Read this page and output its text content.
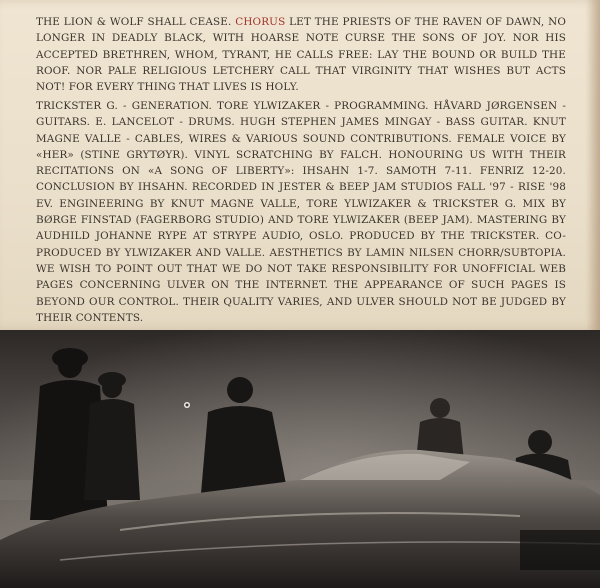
THE LION & WOLF SHALL CEASE. CHORUS LET THE PRIESTS OF THE RAVEN OF DAWN, NO LONGER IN DEADLY BLACK, WITH HOARSE NOTE CURSE THE SONS OF JOY. NOR HIS ACCEPTED BRETHREN, WHOM, TYRANT, HE CALLS FREE: LAY THE BOUND OR BUILD THE ROOF. NOR PALE RELIGIOUS LETCHERY CALL THAT VIRGINITY THAT WISHES BUT ACTS NOT! FOR EVERY THING THAT LIVES IS HOLY.

TRICKSTER G. - GENERATION. TORE YLWIZAKER - PROGRAMMING. HÅVARD JØRGENSEN - GUITARS. E. LANCELOT - DRUMS. HUGH STEPHEN JAMES MINGAY - BASS GUITAR. KNUT MAGNE VALLE - CABLES, WIRES & VARIOUS SOUND CONTRIBUTIONS. FEMALE VOICE BY «HER» (STINE GRYTØYR). VINYL SCRATCHING BY FALCH. HONOURING US WITH THEIR RECITATIONS ON «A SONG OF LIBERTY»: IHSAHN 1-7. SAMOTH 7-11. FENRIZ 12-20. CONCLUSION BY IHSAHN. RECORDED IN JESTER & BEEP JAM STUDIOS FALL '97 - RISE '98 EV. ENGINEERING BY KNUT MAGNE VALLE, TORE YLWIZAKER & TRICKSTER G. MIX BY BØRGE FINSTAD (FAGERBORG STUDIO) AND TORE YLWIZAKER (BEEP JAM). MASTERING BY AUDHILD JOHANNE RYPE AT STRYPE AUDIO, OSLO. PRODUCED BY THE TRICKSTER. CO-PRODUCED BY YLWIZAKER AND VALLE. AESTHETICS BY LAMIN NILSEN CHORR/SUBTOPIA. WE WISH TO POINT OUT THAT WE DO NOT TAKE RESPONSIBILITY FOR UNOFFICIAL WEB PAGES CONCERNING ULVER ON THE INTERNET. THE APPEARANCE OF SUCH PAGES IS BEYOND OUR CONTROL. THEIR QUALITY VARIES, AND ULVER SHOULD NOT BE JUDGED BY THEIR CONTENTS.
